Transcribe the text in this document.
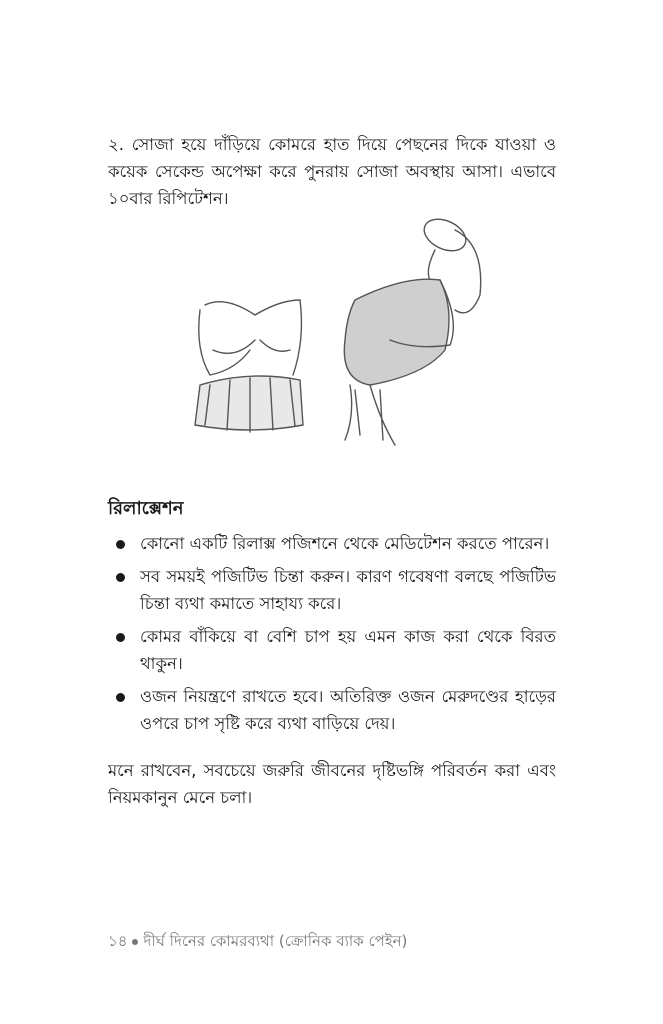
২. সোজা হয়ে দাঁড়িয়ে কোমরে হাত দিয়ে পেছনের দিকে যাওয়া ও কয়েক সেকেন্ড অপেক্ষা করে পুনরায় সোজা অবস্থায় আসা। এভাবে ১০বার রিপিটেশন।

রিলাক্সেশন
কোনো একটি রিলাক্স পজিশনে থেকে মেডিটেশন করতে পারেন।
সব সময়ই পজিটিভ চিন্তা করুন। কারণ গবেষণা বলছে পজিটিভ চিন্তা ব্যথা কমাতে সাহায্য করে।
কোমর বাঁকিয়ে বা বেশি চাপ হয় এমন কাজ করা থেকে বিরত থাকুন।
ওজন নিয়ন্ত্রণে রাখতে হবে। অতিরিক্ত ওজন মেরুদণ্ডের হাড়ের ওপরে চাপ সৃষ্টি করে ব্যথা বাড়িয়ে দেয়।

মনে রাখবেন, সবচেয়ে জরুরি জীবনের দৃষ্টিভঙ্গি পরিবর্তন করা এবং নিয়মকানুন মেনে চলা।

১৪ দীর্ঘ দিনের কোমরব্যথা (ক্রোনিক ব্যাক পেইন)
